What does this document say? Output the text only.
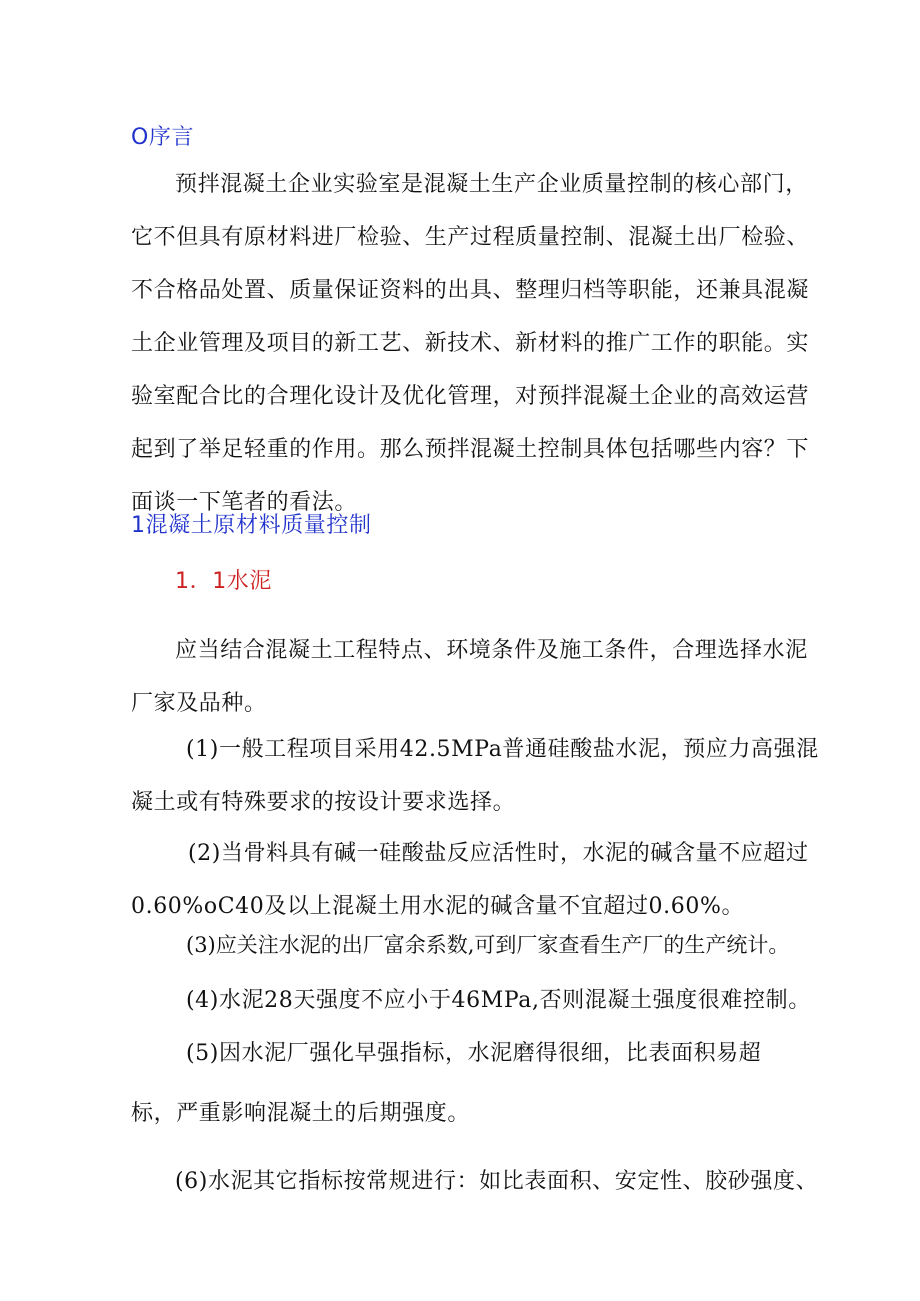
O序言

预拌混凝土企业实验室是混凝土生产企业质量控制的核心部门，
它不但具有原材料进厂检验、生产过程质量控制、混凝土出厂检验、
不合格品处置、质量保证资料的出具、整理归档等职能，还兼具混凝
土企业管理及项目的新工艺、新技术、新材料的推广工作的职能。实
验室配合比的合理化设计及优化管理，对预拌混凝土企业的高效运营
起到了举足轻重的作用。那么预拌混凝土控制具体包括哪些内容？下
面谈一下笔者的看法。

1混凝土原材料质量控制

1．1水泥

应当结合混凝土工程特点、环境条件及施工条件，合理选择水泥
厂家及品种。
(1)一般工程项目采用42.5MPa普通硅酸盐水泥，预应力高强混
凝土或有特殊要求的按设计要求选择。
(2)当骨料具有碱一硅酸盐反应活性时，水泥的碱含量不应超过
0.60%oC40及以上混凝土用水泥的碱含量不宜超过0.60%。

(3)应关注水泥的出厂富余系数,可到厂家查看生产厂的生产统计。

(4)水泥28天强度不应小于46MPa,否则混凝土强度很难控制。

(5)因水泥厂强化早强指标，水泥磨得很细，比表面积易超

标，严重影响混凝土的后期强度。

(6)水泥其它指标按常规进行：如比表面积、安定性、胶砂强度、
